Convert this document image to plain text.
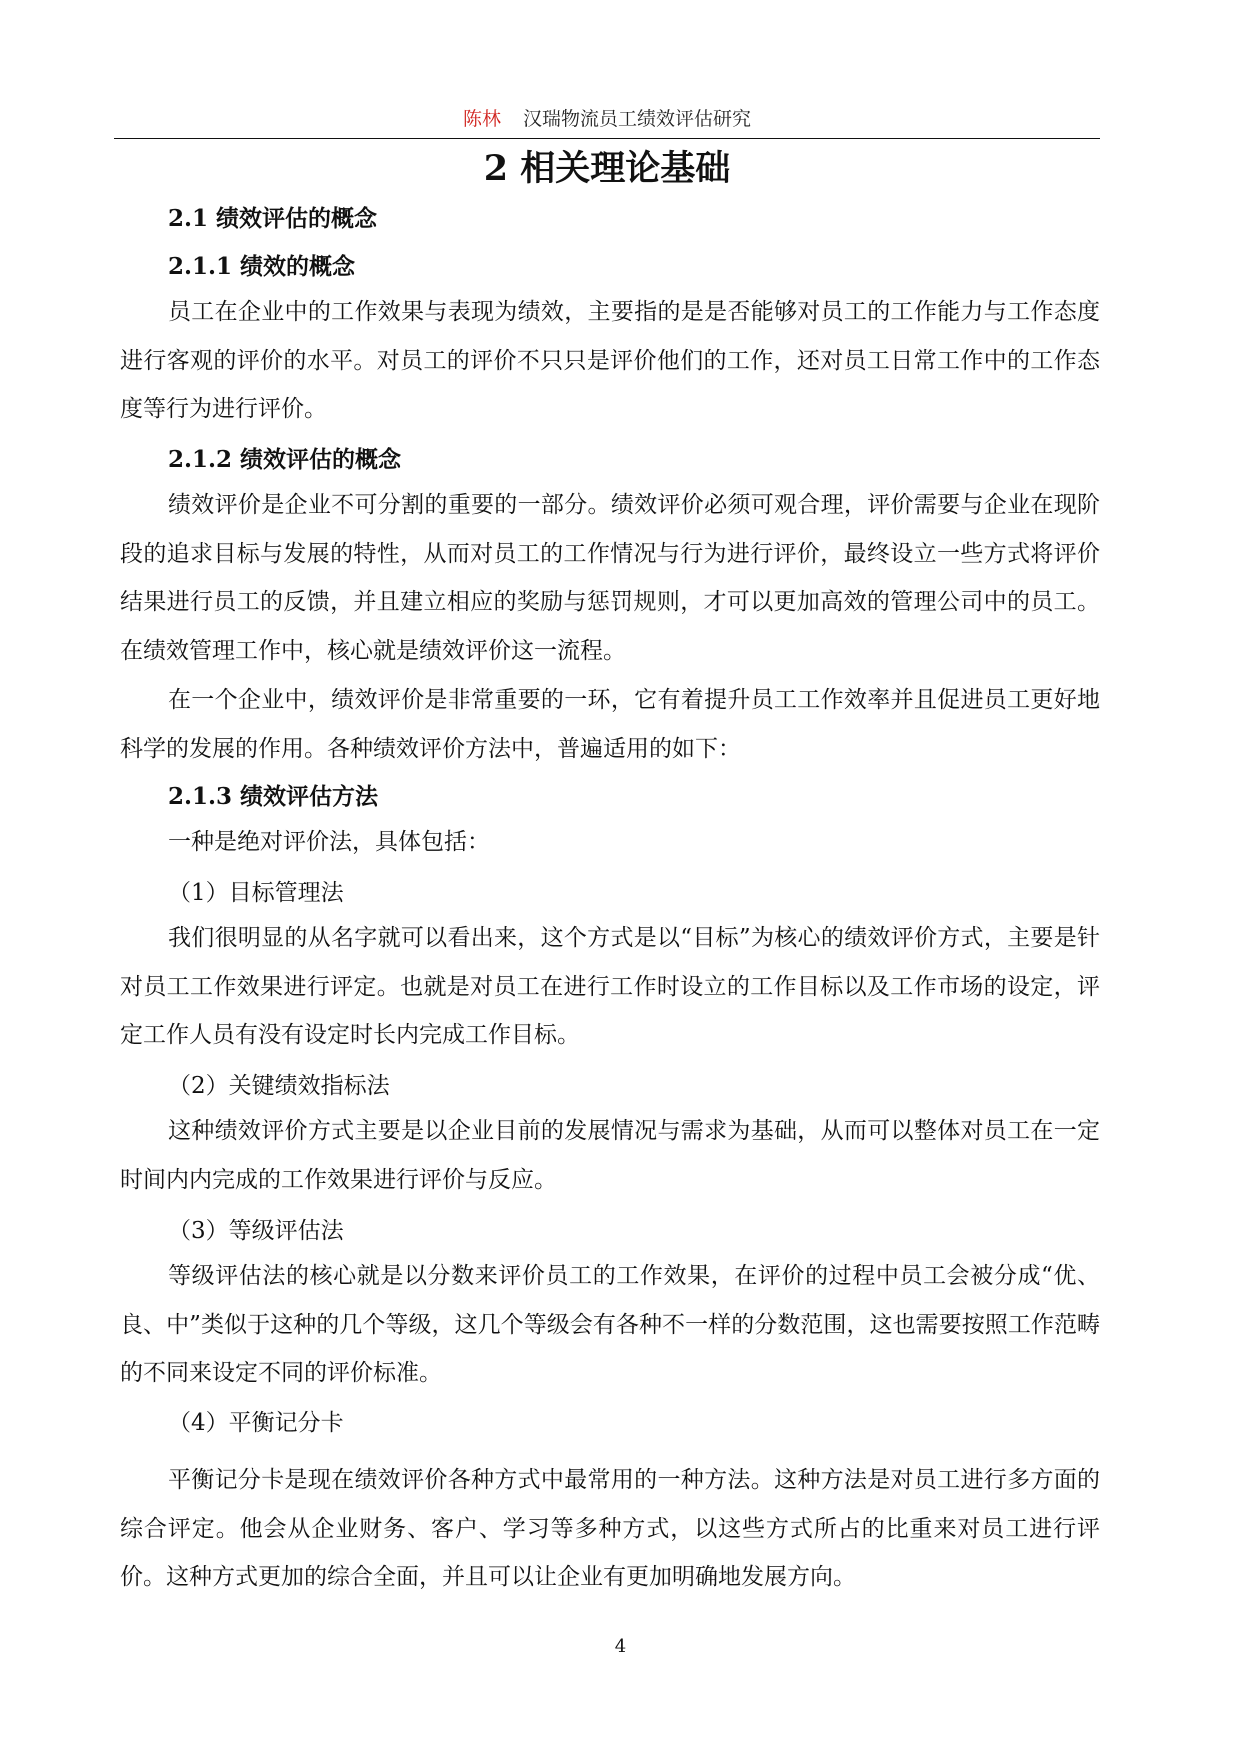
陈林 汉瑞物流员工绩效评估研究
2 相关理论基础
2.1 绩效评估的概念
2.1.1 绩效的概念

员工在企业中的工作效果与表现为绩效，主要指的是是否能够对员工的工作能力与工作态度进行客观的评价的水平。对员工的评价不只只是评价他们的工作，还对员工日常工作中的工作态度等行为进行评价。

2.1.2 绩效评估的概念

绩效评价是企业不可分割的重要的一部分。绩效评价必须可观合理，评价需要与企业在现阶段的追求目标与发展的特性，从而对员工的工作情况与行为进行评价，最终设立一些方式将评价结果进行员工的反馈，并且建立相应的奖励与惩罚规则，才可以更加高效的管理公司中的员工。在绩效管理工作中，核心就是绩效评价这一流程。

在一个企业中，绩效评价是非常重要的一环，它有着提升员工工作效率并且促进员工更好地科学的发展的作用。各种绩效评价方法中，普遍适用的如下：

2.1.3 绩效评估方法

一种是绝对评价法，具体包括：

（1）目标管理法

我们很明显的从名字就可以看出来，这个方式是以“目标”为核心的绩效评价方式，主要是针对员工工作效果进行评定。也就是对员工在进行工作时设立的工作目标以及工作市场的设定，评定工作人员有没有设定时长内完成工作目标。

（2）关键绩效指标法

这种绩效评价方式主要是以企业目前的发展情况与需求为基础，从而可以整体对员工在一定时间内内完成的工作效果进行评价与反应。

（3）等级评估法

等级评估法的核心就是以分数来评价员工的工作效果，在评价的过程中员工会被分成“优、良、中”类似于这种的几个等级，这几个等级会有各种不一样的分数范围，这也需要按照工作范畴的不同来设定不同的评价标准。

（4）平衡记分卡

平衡记分卡是现在绩效评价各种方式中最常用的一种方法。这种方法是对员工进行多方面的综合评定。他会从企业财务、客户、学习等多种方式，以这些方式所占的比重来对员工进行评价。这种方式更加的综合全面，并且可以让企业有更加明确地发展方向。

4
